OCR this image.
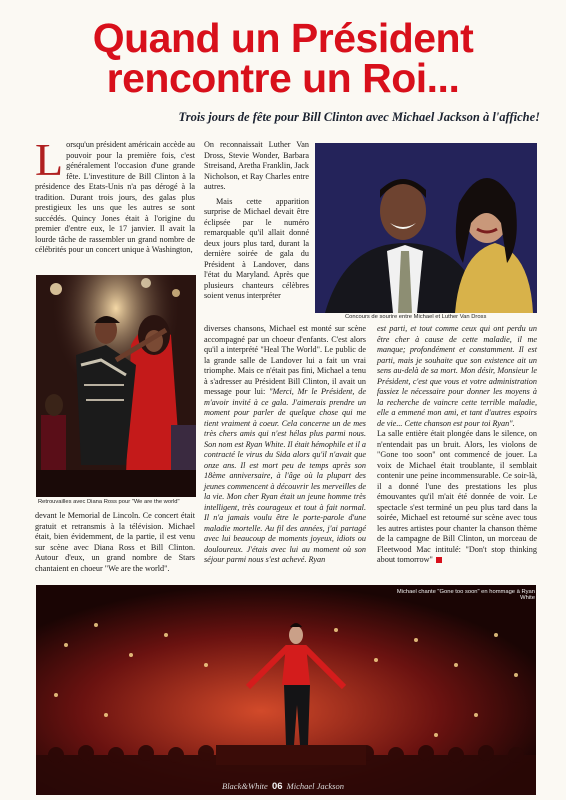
Quand un Président
rencontre un Roi...
Trois jours de fête pour Bill Clinton avec Michael Jackson à l'affiche!
L orsqu'un président américain accède au pouvoir pour la première fois, c'est généralement l'occasion d'une grande fête. L'investiture de Bill Clinton à la présidence des Etats-Unis n'a pas dérogé à la tradition. Durant trois jours, des galas plus prestigieux les uns que les autres se sont succédés. Quincy Jones était à l'origine du premier d'entre eux, le 17 janvier. Il avait la lourde tâche de rassembler un grand nombre de célébrités pour un concert unique à Washington,

Retrouvailles avec Diana Ross pour "We are the world"

devant le Memorial de Lincoln. Ce concert était gratuit et retransmis à la télévision. Michael était, bien évidemment, de la partie, il est venu sur scène avec Diana Ross et Bill Clinton. Autour d'eux, un grand nombre de Stars chantaient en choeur "We are the world".

On reconnaissait Luther Van Dross, Stevie Wonder, Barbara Streisand, Aretha Franklin, Jack Nicholson, et Ray Charles entre autres.

Mais cette apparition surprise de Michael devait être éclipsée par le numéro remarquable qu'il allait donné deux jours plus tard, durant la dernière soirée de gala du Président à Landover, dans l'état du Maryland. Après que plusieurs chanteurs célèbres soient venus interpréter

diverses chansons, Michael est monté sur scène accompagné par un choeur d'enfants. C'est alors qu'il a interprété "Heal The World". Le public de la grande salle de Landover lui a fait un vrai triomphe. Mais ce n'était pas fini, Michael a tenu à s'adresser au Président Bill Clinton, il avait un message pour lui: "Merci, Mr le Président, de m'avoir invité à ce gala. J'aimerais prendre un moment pour parler de quelque chose qui me tient vraiment à coeur. Cela concerne un de mes très chers amis qui n'est hélas plus parmi nous. Son nom est Ryan White. Il était hémophile et il a contracté le virus du Sida alors qu'il n'avait que onze ans. Il est mort peu de temps après son 18ème anniversaire, à l'âge où la plupart des jeunes commencent à découvrir les merveilles de la vie. Mon cher Ryan était un jeune homme très intelligent, très courageux et tout à fait normal. Il n'a jamais voulu être le porte-parole d'une maladie mortelle. Au fil des années, j'ai partagé avec lui beaucoup de moments joyeux, idiots ou douloureux. J'étais avec lui au moment où son séjour parmi nous s'est achevé. Ryan

Concours de sourire entre Michael et Luther Van Dross

est parti, et tout comme ceux qui ont perdu un être cher à cause de cette maladie, il me manque; profondément et constamment. Il est parti, mais je souhaite que son existence ait un sens au-delà de sa mort. Mon désir, Monsieur le Président, c'est que vous et votre administration fassiez le nécessaire pour donner les moyens à la recherche de vaincre cette terrible maladie, elle a emmené mon ami, et tant d'autres espoirs de vie... Cette chanson est pour toi Ryan".

La salle entière était plongée dans le silence, on n'entendait pas un bruit. Alors, les violons de "Gone too soon" ont commencé de jouer. La voix de Michael était troublante, il semblait contenir une peine incommensurable. Ce soir-là, il a donné l'une des prestations les plus émouvantes qu'il m'ait été donnée de voir. Le spectacle s'est terminé un peu plus tard dans la soirée, Michael est retourné sur scène avec tous les autres artistes pour chanter la chanson thème de la campagne de Bill Clinton, un morceau de Fleetwood Mac intitulé: "Don't stop thinking about tomorrow"

Michael chante "Gone too soon" en hommage à Ryan White
Black&White 06 Michael Jackson
